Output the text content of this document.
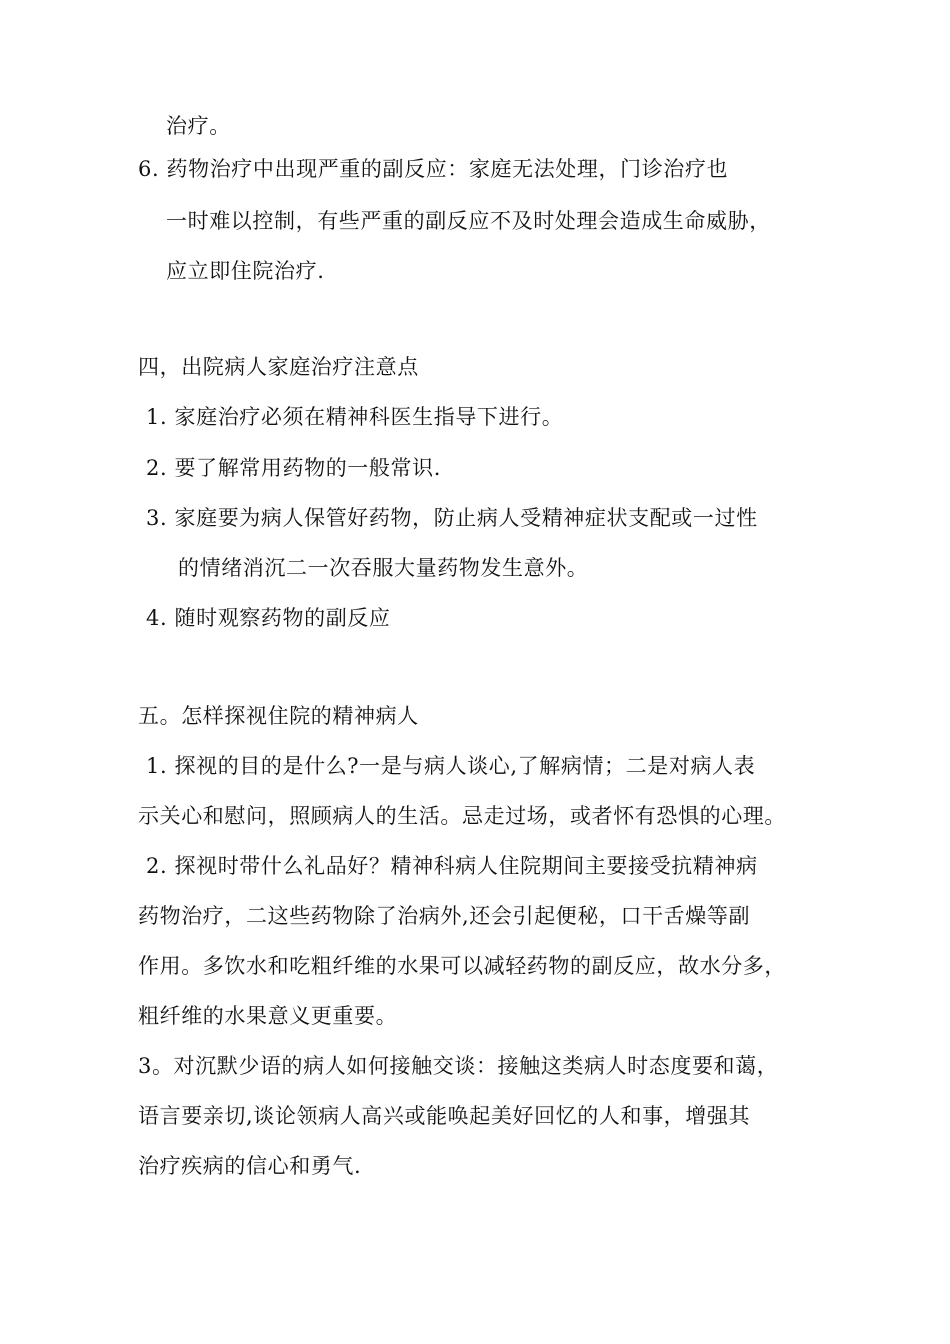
治疗。
6. 药物治疗中出现严重的副反应：家庭无法处理，门诊治疗也
一时难以控制，有些严重的副反应不及时处理会造成生命威胁，
应立即住院治疗.
四，出院病人家庭治疗注意点
1. 家庭治疗必须在精神科医生指导下进行。
2. 要了解常用药物的一般常识.
3. 家庭要为病人保管好药物，防止病人受精神症状支配或一过性
的情绪消沉二一次吞服大量药物发生意外。
4. 随时观察药物的副反应
五。怎样探视住院的精神病人
1. 探视的目的是什么?一是与病人谈心,了解病情；二是对病人表
示关心和慰问，照顾病人的生活。忌走过场，或者怀有恐惧的心理。
2. 探视时带什么礼品好？精神科病人住院期间主要接受抗精神病
药物治疗，二这些药物除了治病外,还会引起便秘，口干舌燥等副
作用。多饮水和吃粗纤维的水果可以减轻药物的副反应，故水分多，
粗纤维的水果意义更重要。
3。对沉默少语的病人如何接触交谈：接触这类病人时态度要和蔼，
语言要亲切,谈论领病人高兴或能唤起美好回忆的人和事，增强其
治疗疾病的信心和勇气.
